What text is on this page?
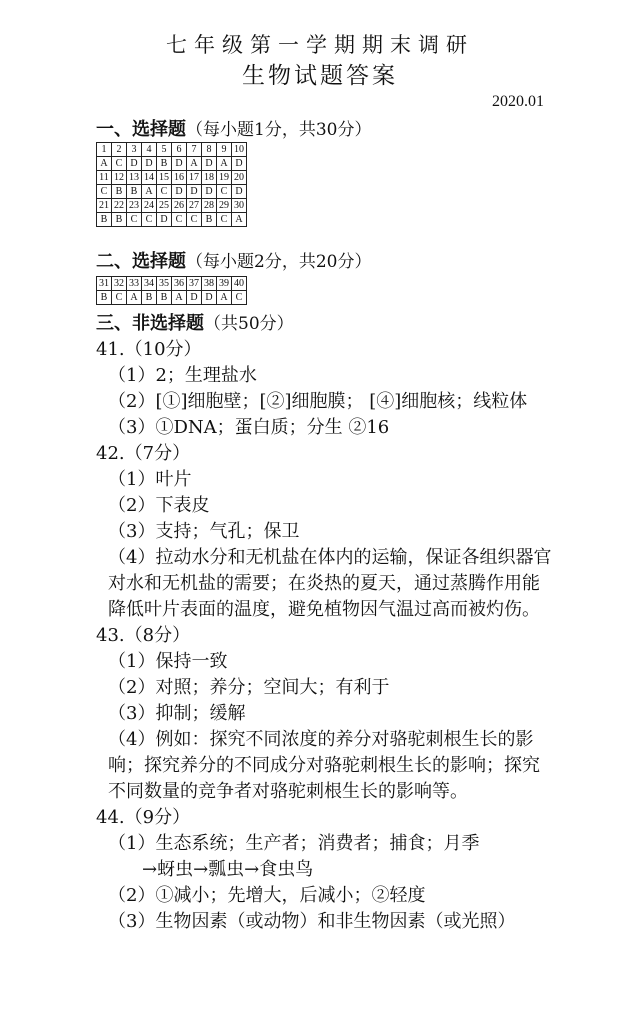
七年级第一学期期末调研
生物试题答案
2020.01
一、选择题（每小题1分，共30分）
1	2	3	4	5	6	7	8	9	10
A	C	D	D	B	D	A	D	A	D
11	12	13	14	15	16	17	18	19	20
C	B	B	A	C	D	D	D	C	D
21	22	23	24	25	26	27	28	29	30
B	B	C	C	D	C	C	B	C	A
二、选择题（每小题2分，共20分）
31	32	33	34	35	36	37	38	39	40
B	C	A	B	B	A	D	D	A	C
三、非选择题（共50分）
41.（10分）
（1）2；生理盐水
（2）[①]细胞壁；[②]细胞膜； [④]细胞核；线粒体
（3）①DNA；蛋白质；分生 ②16
42.（7分）
（1）叶片
（2）下表皮
（3）支持；气孔；保卫
（4）拉动水分和无机盐在体内的运输，保证各组织器官对水和无机盐的需要；在炎热的夏天，通过蒸腾作用能降低叶片表面的温度，避免植物因气温过高而被灼伤。
43.（8分）
（1）保持一致
（2）对照；养分；空间大；有利于
（3）抑制；缓解
（4）例如：探究不同浓度的养分对骆驼刺根生长的影响；探究养分的不同成分对骆驼刺根生长的影响；探究不同数量的竞争者对骆驼刺根生长的影响等。
44.（9分）
（1）生态系统；生产者；消费者；捕食；月季
→蚜虫→瓢虫→食虫鸟
（2）①减小；先增大，后减小；②轻度
（3）生物因素（或动物）和非生物因素（或光照）
